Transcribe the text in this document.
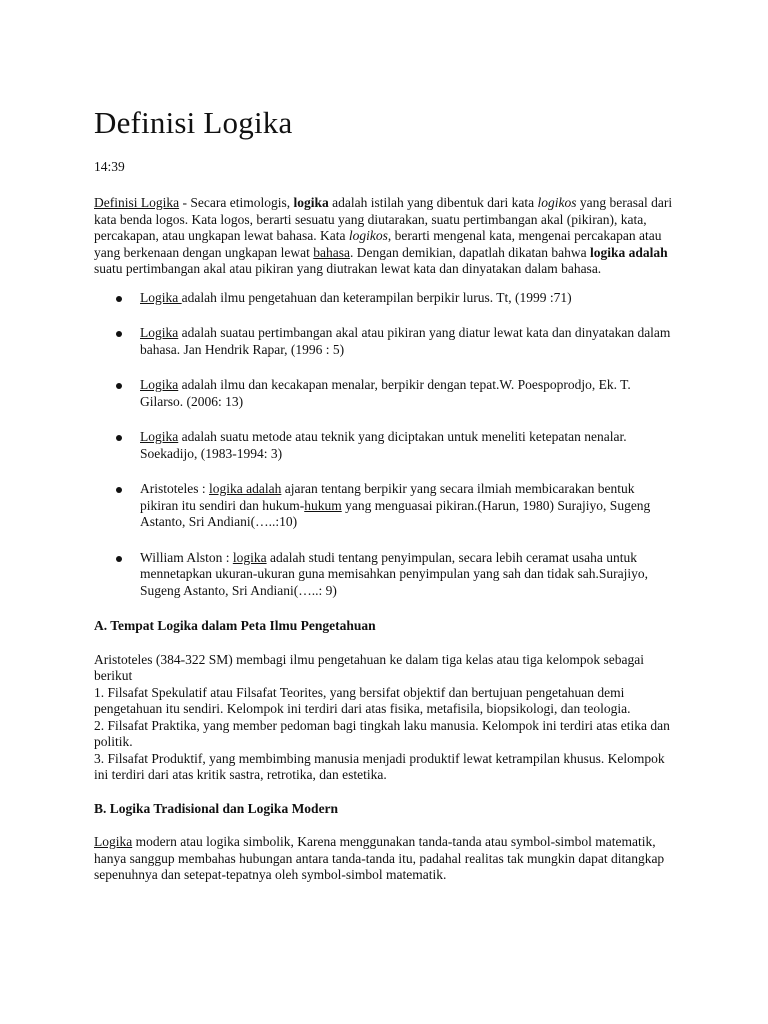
Definisi Logika
14:39

Definisi Logika - Secara etimologis, logika adalah istilah yang dibentuk dari kata logikos yang berasal dari kata benda logos. Kata logos, berarti sesuatu yang diutarakan, suatu pertimbangan akal (pikiran), kata, percakapan, atau ungkapan lewat bahasa. Kata logikos, berarti mengenal kata, mengenai percakapan atau yang berkenaan dengan ungkapan lewat bahasa. Dengan demikian, dapatlah dikatan bahwa logika adalah suatu pertimbangan akal atau pikiran yang diutrakan lewat kata dan dinyatakan dalam bahasa.

Logika adalah ilmu pengetahuan dan keterampilan berpikir lurus. Tt, (1999 :71)
Logika adalah suatau pertimbangan akal atau pikiran yang diatur lewat kata dan dinyatakan dalam bahasa. Jan Hendrik Rapar, (1996 : 5)
Logika adalah ilmu dan kecakapan menalar, berpikir dengan tepat.W. Poespoprodjo, Ek. T. Gilarso. (2006: 13)
Logika adalah suatu metode atau teknik yang diciptakan untuk meneliti ketepatan nenalar. Soekadijo, (1983-1994: 3)
Aristoteles : logika adalah ajaran tentang berpikir yang secara ilmiah membicarakan bentuk pikiran itu sendiri dan hukum-hukum yang menguasai pikiran.(Harun, 1980) Surajiyo, Sugeng Astanto, Sri Andiani(…..:10)
William Alston : logika adalah studi tentang penyimpulan, secara lebih ceramat usaha untuk mennetapkan ukuran-ukuran guna memisahkan penyimpulan yang sah dan tidak sah.Surajiyo, Sugeng Astanto, Sri Andiani(…..: 9)
A. Tempat Logika dalam Peta Ilmu Pengetahuan

Aristoteles (384-322 SM) membagi ilmu pengetahuan ke dalam tiga kelas atau tiga kelompok sebagai berikut

1. Filsafat Spekulatif atau Filsafat Teorites, yang bersifat objektif dan bertujuan pengetahuan demi pengetahuan itu sendiri. Kelompok ini terdiri dari atas fisika, metafisila, biopsikologi, dan teologia.

2. Filsafat Praktika, yang member pedoman bagi tingkah laku manusia. Kelompok ini terdiri atas etika dan politik.

3. Filsafat Produktif, yang membimbing manusia menjadi produktif lewat ketrampilan khusus. Kelompok ini terdiri dari atas kritik sastra, retrotika, dan estetika.

B. Logika Tradisional dan Logika Modern

Logika modern atau logika simbolik, Karena menggunakan tanda-tanda atau symbol-simbol matematik, hanya sanggup membahas hubungan antara tanda-tanda itu, padahal realitas tak mungkin dapat ditangkap sepenuhnya dan setepat-tepatnya oleh symbol-simbol matematik.
